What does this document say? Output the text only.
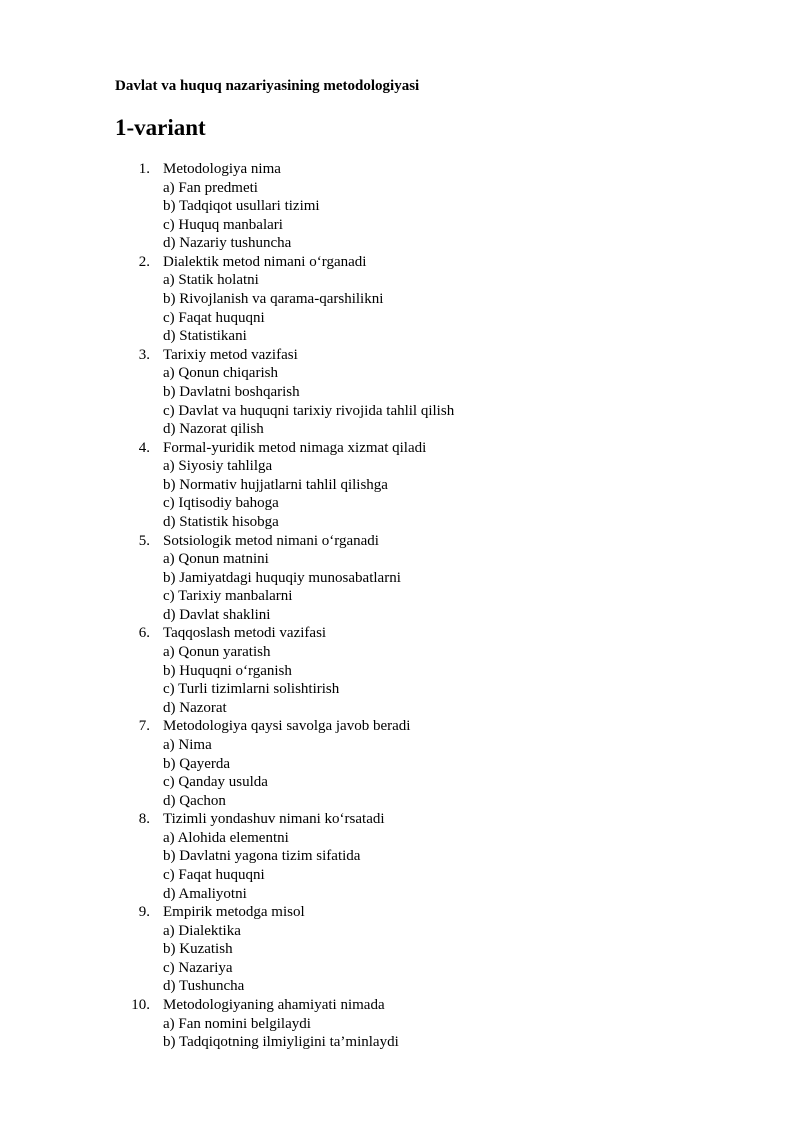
Davlat va huquq nazariyasining metodologiyasi
1-variant
1. Metodologiya nima
a) Fan predmeti
b) Tadqiqot usullari tizimi
c) Huquq manbalari
d) Nazariy tushuncha
2. Dialektik metod nimani o‘rganadi
a) Statik holatni
b) Rivojlanish va qarama-qarshilikni
c) Faqat huquqni
d) Statistikani
3. Tarixiy metod vazifasi
a) Qonun chiqarish
b) Davlatni boshqarish
c) Davlat va huquqni tarixiy rivojida tahlil qilish
d) Nazorat qilish
4. Formal-yuridik metod nimaga xizmat qiladi
a) Siyosiy tahlilga
b) Normativ hujjatlarni tahlil qilishga
c) Iqtisodiy bahoga
d) Statistik hisobga
5. Sotsiologik metod nimani o‘rganadi
a) Qonun matnini
b) Jamiyatdagi huquqiy munosabatlarni
c) Tarixiy manbalarni
d) Davlat shaklini
6. Taqqoslash metodi vazifasi
a) Qonun yaratish
b) Huquqni o‘rganish
c) Turli tizimlarni solishtirish
d) Nazorat
7. Metodologiya qaysi savolga javob beradi
a) Nima
b) Qayerda
c) Qanday usulda
d) Qachon
8. Tizimli yondashuv nimani ko‘rsatadi
a) Alohida elementni
b) Davlatni yagona tizim sifatida
c) Faqat huquqni
d) Amaliyotni
9. Empirik metodga misol
a) Dialektika
b) Kuzatish
c) Nazariya
d) Tushuncha
10. Metodologiyaning ahamiyati nimada
a) Fan nomini belgilaydi
b) Tadqiqotning ilmiyligini ta’minlaydi
